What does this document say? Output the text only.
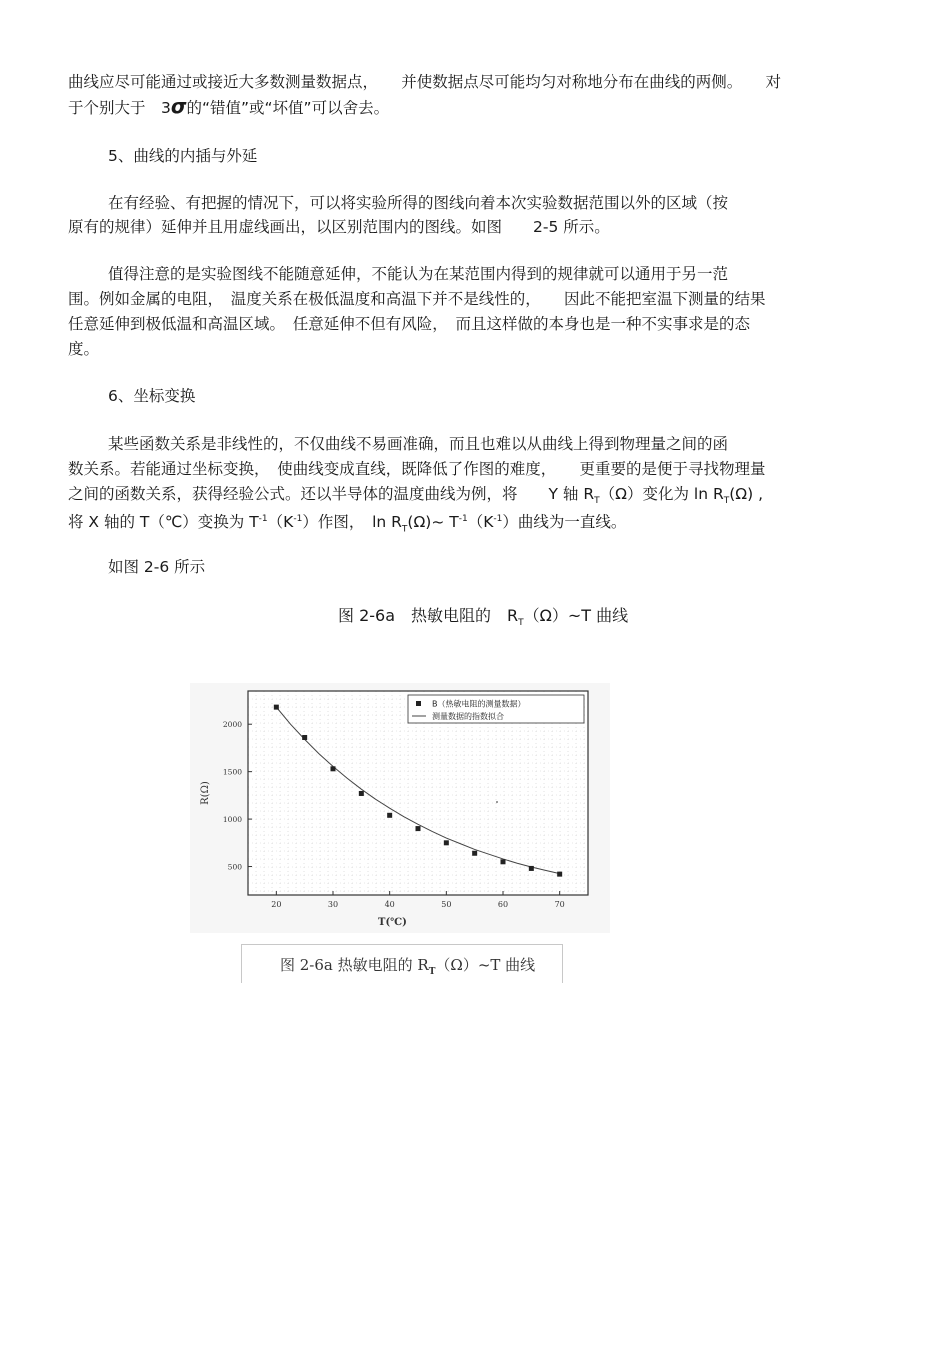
曲线应尽可能通过或接近大多数测量数据点，　　并使数据点尽可能均匀对称地分布在曲线的两侧。　　对
于个别大于　3σ的“错值”或“坏值”可以舍去。
5、曲线的内插与外延
在有经验、有把握的情况下，可以将实验所得的图线向着本次实验数据范围以外的区域（按
原有的规律）延伸并且用虚线画出，以区别范围内的图线。如图　　2-5 所示。
值得注意的是实验图线不能随意延伸，不能认为在某范围内得到的规律就可以通用于另一范
围。例如金属的电阻，　温度关系在极低温度和高温下并不是线性的，　　因此不能把室温下测量的结果
任意延伸到极低温和高温区域。　任意延伸不但有风险，　而且这样做的本身也是一种不实事求是的态
度。
6、坐标变换
某些函数关系是非线性的，不仅曲线不易画准确，而且也难以从曲线上得到物理量之间的函
数关系。若能通过坐标变换，　使曲线变成直线，既降低了作图的难度，　　更重要的是便于寻找物理量
之间的函数关系，获得经验公式。还以半导体的温度曲线为例，将　　Y 轴 $R_T(\Omega)$变化为 $\ln R_T(\Omega)$ ,
将 X 轴的 T（℃）变换为 $T^{-1}(K^{-1})$作图，　$\ln R_T(\Omega)\sim$ $T^{-1}(K^{-1})$曲线为一直线。
如图 2-6 所示
图 2-6a　热敏电阻的　$R_T(\Omega)\sim T$ 曲线
20	30	40	50	60	70
500
1000
1500
2000
T(℃)
R(Ω)
B（热敏电阻的测量数据）
测量数据的指数拟合
图 2-6a 热敏电阻的 $R_T(\Omega)\sim T$ 曲线
